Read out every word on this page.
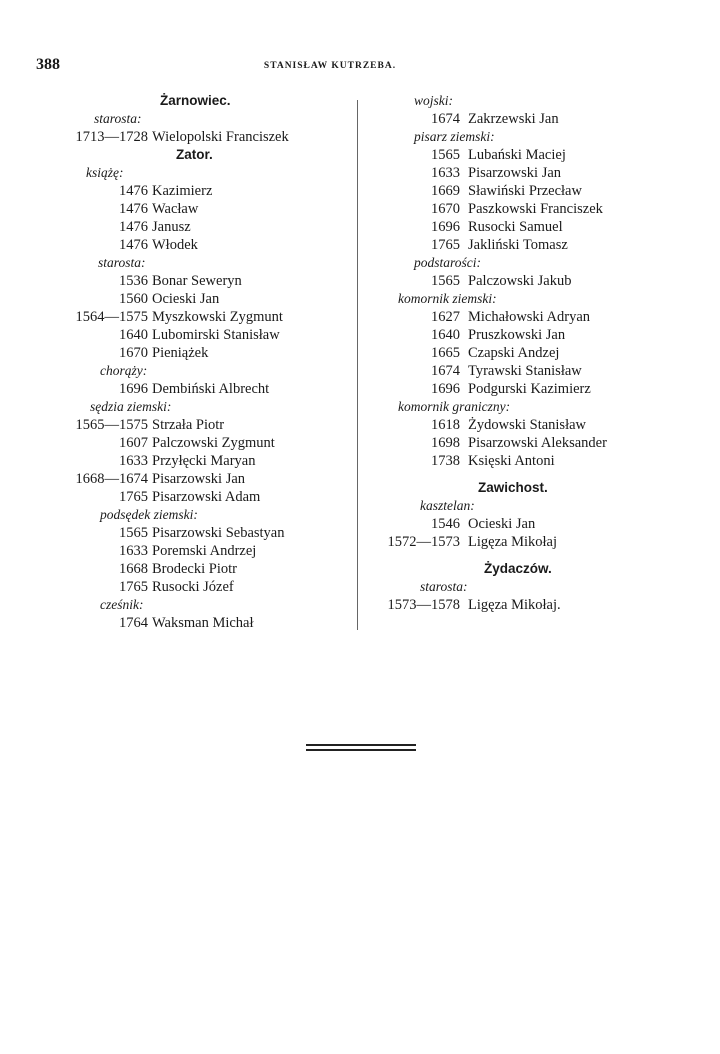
388	STANISŁAW KUTRZEBA.
Żarnowiec.
starosta:
1713—1728 Wielopolski Franciszek
Zator.
książę:
1476 Kazimierz
1476 Wacław
1476 Janusz
1476 Włodek
starosta:
1536 Bonar Seweryn
1560 Ocieski Jan
1564—1575 Myszkowski Zygmunt
1640 Lubomirski Stanisław
1670 Pieniążek
chorąży:
1696 Dembiński Albrecht
sędzia ziemski:
1565—1575 Strzała Piotr
1607 Palczowski Zygmunt
1633 Przyłęcki Maryan
1668—1674 Pisarzowski Jan
1765 Pisarzowski Adam
podsędek ziemski:
1565 Pisarzowski Sebastyan
1633 Poremski Andrzej
1668 Brodecki Piotr
1765 Rusocki Józef
cześnik:
1764 Waksman Michał
wojski:
1674 Zakrzewski Jan
pisarz ziemski:
1565 Lubański Maciej
1633 Pisarzowski Jan
1669 Sławiński Przecław
1670 Paszkowski Franciszek
1696 Rusocki Samuel
1765 Jakliński Tomasz
podstarości:
1565 Palczowski Jakub
komornik ziemski:
1627 Michałowski Adryan
1640 Pruszkowski Jan
1665 Czapski Andzej
1674 Tyrawski Stanisław
1696 Podgurski Kazimierz
komornik graniczny:
1618 Żydowski Stanisław
1698 Pisarzowski Aleksander
1738 Księski Antoni
Zawichost.
kasztelan:
1546 Ocieski Jan
1572—1573 Ligęza Mikołaj
Żydaczów.
starosta:
1573—1578 Ligęza Mikołaj.
